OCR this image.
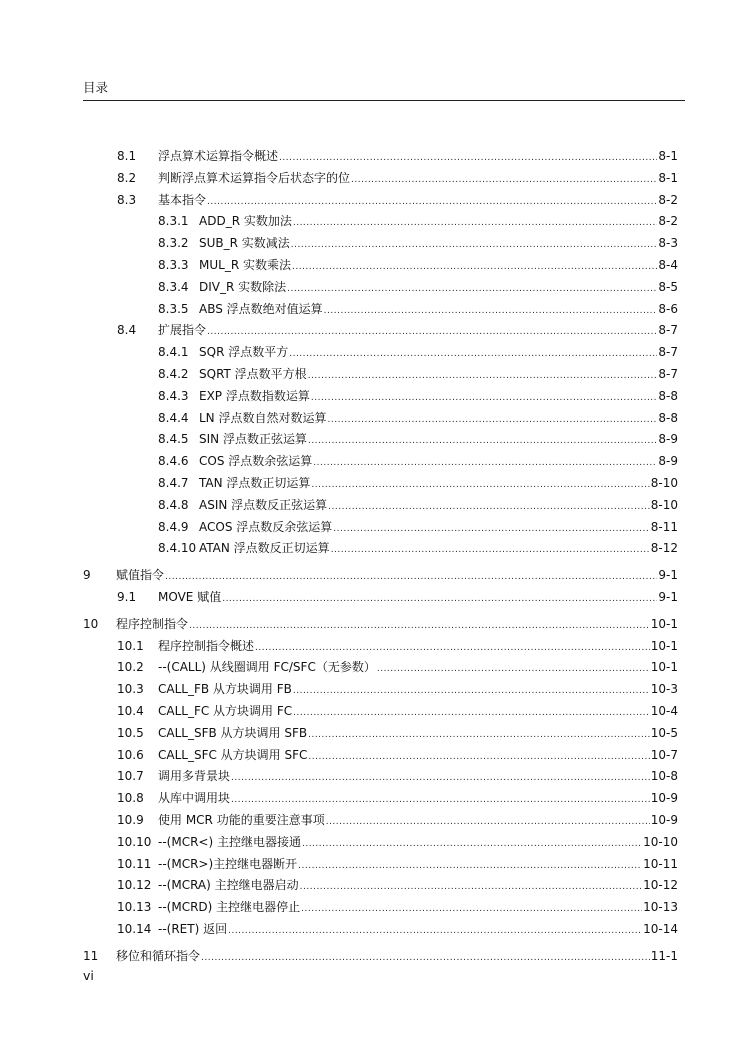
目录
8.1	浮点算术运算指令概述 .....	8-1
8.2	判断浮点算术运算指令后状态字的位 .....	8-1
8.3	基本指令 .....	8-2
8.3.1 ADD_R 实数加法 .....	8-2
8.3.2 SUB_R 实数减法 .....	8-3
8.3.3 MUL_R 实数乘法 .....	8-4
8.3.4 DIV_R 实数除法 .....	8-5
8.3.5 ABS 浮点数绝对值运算 .....	8-6
8.4	扩展指令 .....	8-7
8.4.1 SQR 浮点数平方 .....	8-7
8.4.2 SQRT 浮点数平方根 .....	8-7
8.4.3 EXP 浮点数指数运算 .....	8-8
8.4.4 LN 浮点数自然对数运算 .....	8-8
8.4.5 SIN 浮点数正弦运算 .....	8-9
8.4.6 COS 浮点数余弦运算 .....	8-9
8.4.7 TAN 浮点数正切运算 .....	8-10
8.4.8 ASIN 浮点数反正弦运算 .....	8-10
8.4.9 ACOS 浮点数反余弦运算 .....	8-11
8.4.10 ATAN 浮点数反正切运算 .....	8-12
9	赋值指令 .....	9-1
9.1	MOVE 赋值 .....	9-1
10	程序控制指令 .....	10-1
10.1	程序控制指令概述 .....	10-1
10.2	--(CALL) 从线圈调用 FC/SFC（无参数） .....	10-1
10.3	CALL_FB 从方块调用 FB .....	10-3
10.4	CALL_FC 从方块调用 FC .....	10-4
10.5	CALL_SFB 从方块调用 SFB .....	10-5
10.6	CALL_SFC 从方块调用 SFC .....	10-7
10.7	调用多背景块 .....	10-8
10.8	从库中调用块 .....	10-9
10.9	使用 MCR 功能的重要注意事项 .....	10-9
10.10 --(MCR<) 主控继电器接通 .....	10-10
10.11 --(MCR>)主控继电器断开 .....	10-11
10.12 --(MCRA) 主控继电器启动 .....	10-12
10.13 --(MCRD) 主控继电器停止 .....	10-13
10.14 --(RET) 返回 .....	10-14
11	移位和循环指令 .....	11-1
vi
